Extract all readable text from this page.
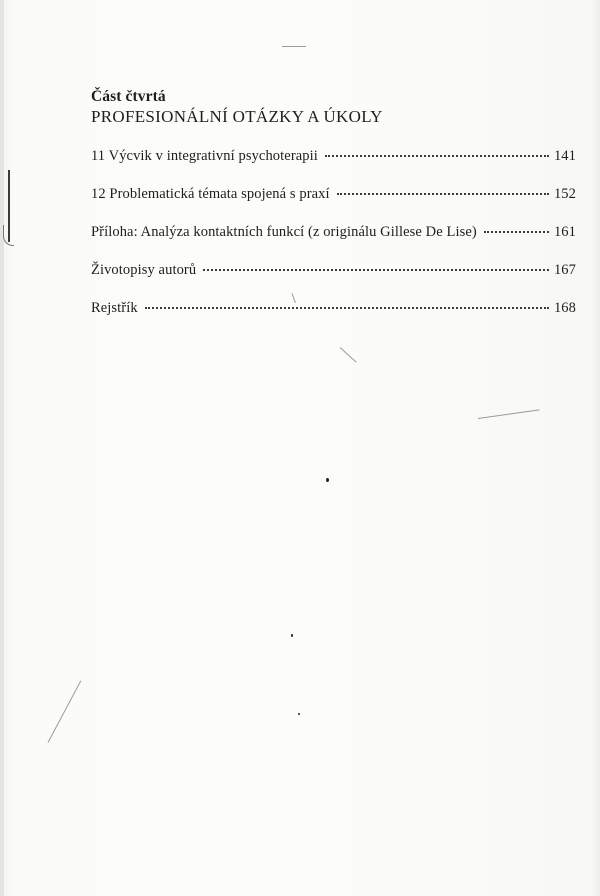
Část čtvrtá
PROFESIONÁLNÍ OTÁZKY A ÚKOLY
11 Výcvik v integrativní psychoterapii	141
12 Problematická témata spojená s praxí	152
Příloha: Analýza kontaktních funkcí (z originálu Gillese De Lise)	161
Životopisy autorů	167
Rejstřík	168
